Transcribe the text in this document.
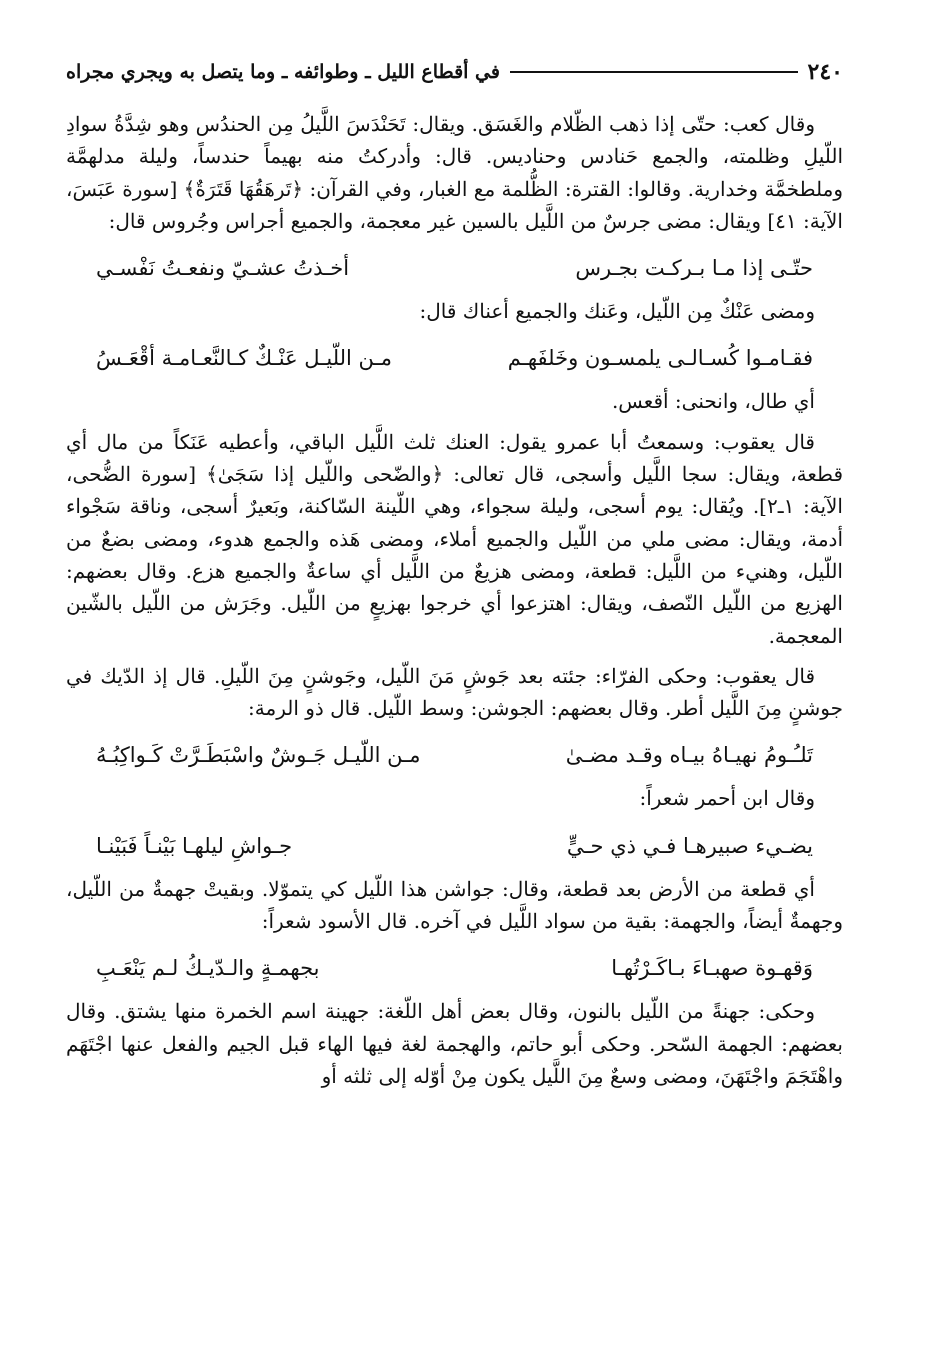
٢٤٠
في أقطاع الليل ـ وطوائفه ـ وما يتصل به ويجري مجراه

وقال كعب: حتّى إذا ذهب الظّلام والغَسَق. ويقال: تَحَنْدَسَ اللَّيلُ مِن الحندُس وهو شِدَّةُ سوادِ اللّيلِ وظلمته، والجمع حَنادس وحناديس. قال: وأدركتُ منه بهيماً حندساً، وليلة مدلهمَّة وملطخمَّة وخدارية. وقالوا: القترة: الظُّلمة مع الغبار، وفي القرآن: ﴿تَرهَقُهَا قَتَرَةٌ﴾ [سورة عَبَسَ، الآية: ٤١] ويقال: مضى جرسٌ من اللَّيل بالسين غير معجمة، والجميع أجراس وجُروس قال:

حتّـى إذا مـا بـركـت بجـرس
أخـذتُ عشـيّ ونفعـتُ نَفْسـي

ومضى عَنْكٌ مِن اللّيل، وعَنك والجميع أعناك قال:

فقـامـوا كُسـالـى يلمسـون وخَلفَهـم
مـن اللّيـل عَنْـكٌ كـالنَّعـامـة أقْعَـسُ

أي طال، وانحنى: أقعس.

قال يعقوب: وسمعتُ أبا عمرو يقول: العنك ثلث اللَّيل الباقي، وأعطيه عَنَكاً من مال أي قطعة، ويقال: سجا اللَّيل وأسجى، قال تعالى: ﴿والضّحى واللّيل إذا سَجَىٰ﴾ [سورة الضُّحى، الآية: ١ـ٢]. ويُقال: يوم أسجى، وليلة سجواء، وهي اللّينة السّاكنة، وبَعيرٌ أسجى، وناقة سَجْواء أدمة، ويقال: مضى ملي من اللّيل والجميع أملاء، ومضى هَذه والجمع هدوء، ومضى بضعٌ من اللّيل، وهنيء من اللَّيل: قطعة، ومضى هزيعٌ من اللَّيل أي ساعةٌ والجميع هزع. وقال بعضهم: الهزيع من اللّيل النّصف، ويقال: اهتزعوا أي خرجوا بهزيعٍ من اللّيل. وجَرَش من اللّيل بالشّين المعجمة.

قال يعقوب: وحكى الفرّاء: جئته بعد جَوشٍ مَنَ اللّيل، وجَوشنٍ مِنَ اللّيلِ. قال إذ الدّيك في جوشنٍ مِنَ اللَّيل أطر. وقال بعضهم: الجوشن: وسط اللّيل. قال ذو الرمة:

تَلـُـومُ نهيـاهُ بيـاه وقـد مضـىٰ
مـن اللّيـل جَـوشٌ واسْبَطَـرَّتْ كَـواكِبُـهُ

وقال ابن أحمر شعراً:

يضـيء صبيرهـا فـي ذي حـيٍّ
جـواشِ ليلهـا بَيْنـاً فَبَيْنـا

أي قطعة من الأرض بعد قطعة، وقال: جواشن هذا اللّيل كي يتموّلا. وبقيتْ جهمةٌ من اللّيل، وجهمةٌ أيضاً، والجهمة: بقية من سواد اللَّيل في آخره. قال الأسود شعراً:

وَقهـوة صهبـاءَ بـاكَـرْتُهـا
بجهمـةٍ والـدّيـكُ لـم يَنْعَـبِ

وحكى: جهنةً من اللّيل بالنون، وقال بعض أهل اللّغة: جهينة اسم الخمرة منها يشتق. وقال بعضهم: الجهمة السّحر. وحكى أبو حاتم، والهجمة لغة فيها الهاء قبل الجيم والفعل عنها اجْتَهَم واهْتَجَمَ واجْتَهَنَ، ومضى وسعٌ مِنَ اللَّيل يكون مِنْ أوّله إلى ثلثه أو
